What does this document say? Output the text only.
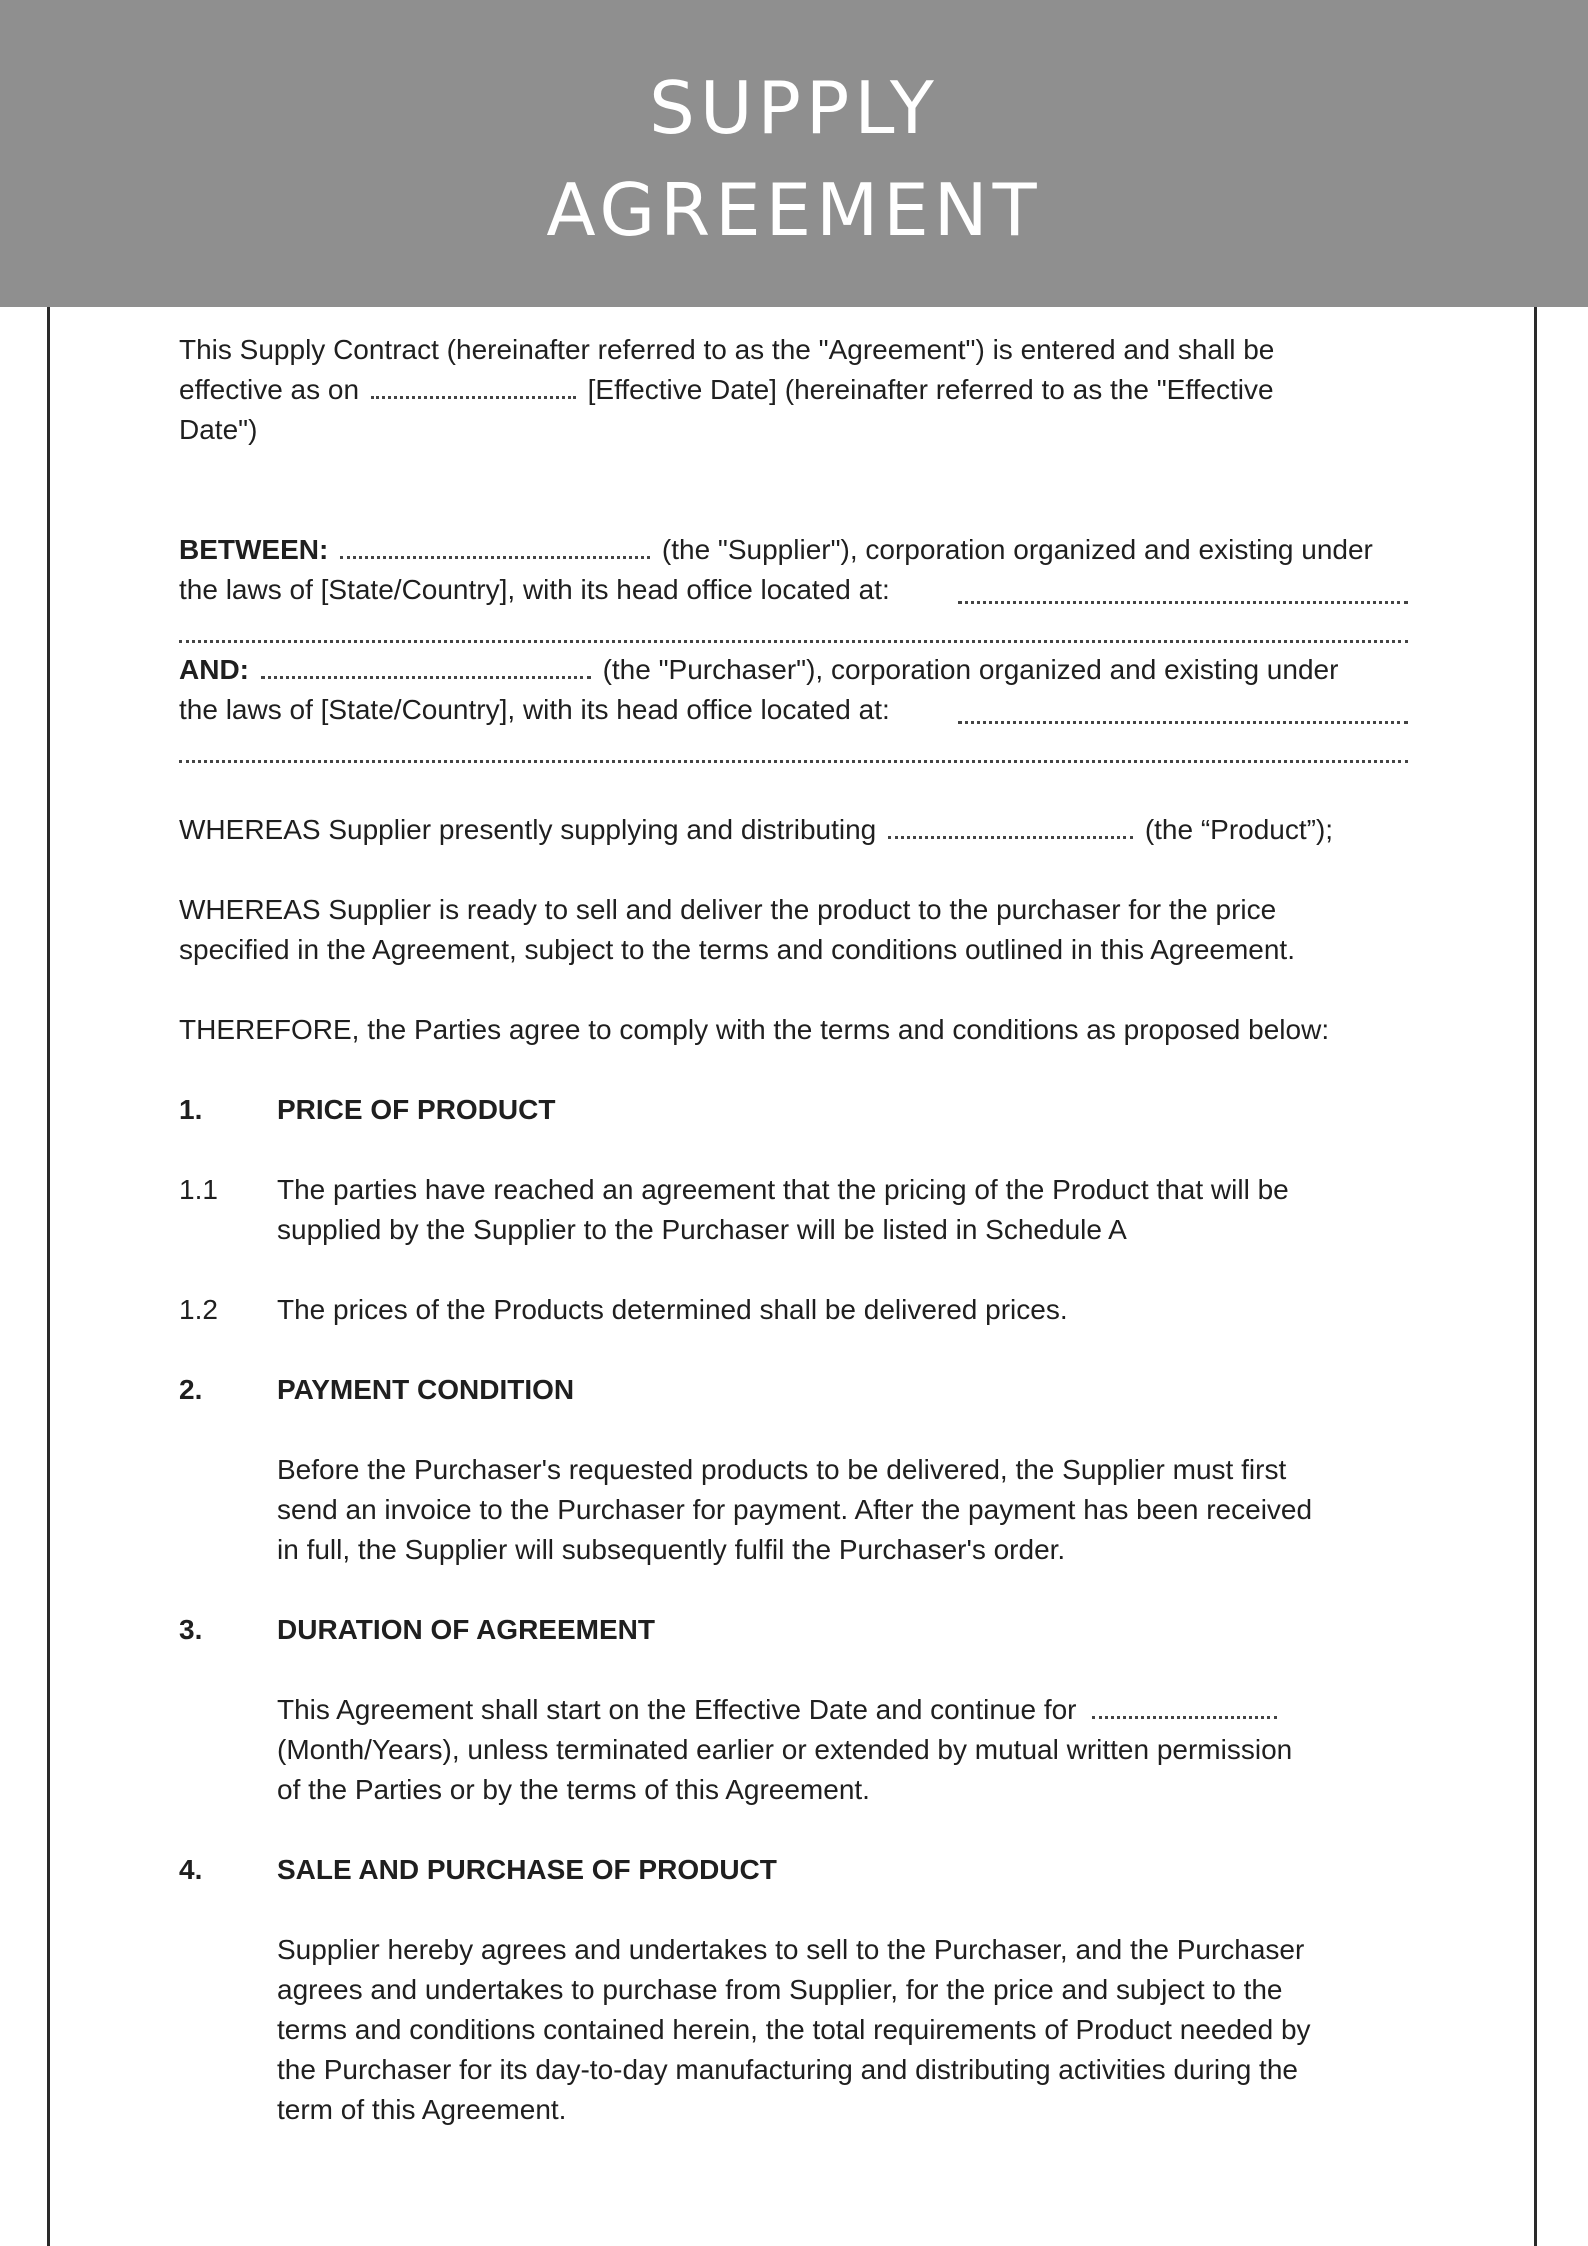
SUPPLY
AGREEMENT
This Supply Contract (hereinafter referred to as the "Agreement") is entered and shall be
effective as on	[Effective Date] (hereinafter referred to as the "Effective
Date")
BETWEEN:	(the "Supplier"), corporation organized and existing under
the laws of [State/Country], with its head office located at:
AND:	(the "Purchaser"), corporation organized and existing under
the laws of [State/Country], with its head office located at:
WHEREAS Supplier presently supplying and distributing	(the “Product”);
WHEREAS Supplier is ready to sell and deliver the product to the purchaser for the price
specified in the Agreement, subject to the terms and conditions outlined in this Agreement.
THEREFORE, the Parties agree to comply with the terms and conditions as proposed below:
1.	PRICE OF PRODUCT
1.1 The parties have reached an agreement that the pricing of the Product that will be
supplied by the Supplier to the Purchaser will be listed in Schedule A
1.2 The prices of the Products determined shall be delivered prices.
2.	PAYMENT CONDITION
Before the Purchaser's requested products to be delivered, the Supplier must first
send an invoice to the Purchaser for payment. After the payment has been received
in full, the Supplier will subsequently fulfil the Purchaser's order.
3.	DURATION OF AGREEMENT
This Agreement shall start on the Effective Date and continue for
(Month/Years), unless terminated earlier or extended by mutual written permission
of the Parties or by the terms of this Agreement.
4.	SALE AND PURCHASE OF PRODUCT
Supplier hereby agrees and undertakes to sell to the Purchaser, and the Purchaser
agrees and undertakes to purchase from Supplier, for the price and subject to the
terms and conditions contained herein, the total requirements of Product needed by
the Purchaser for its day-to-day manufacturing and distributing activities during the
term of this Agreement.
